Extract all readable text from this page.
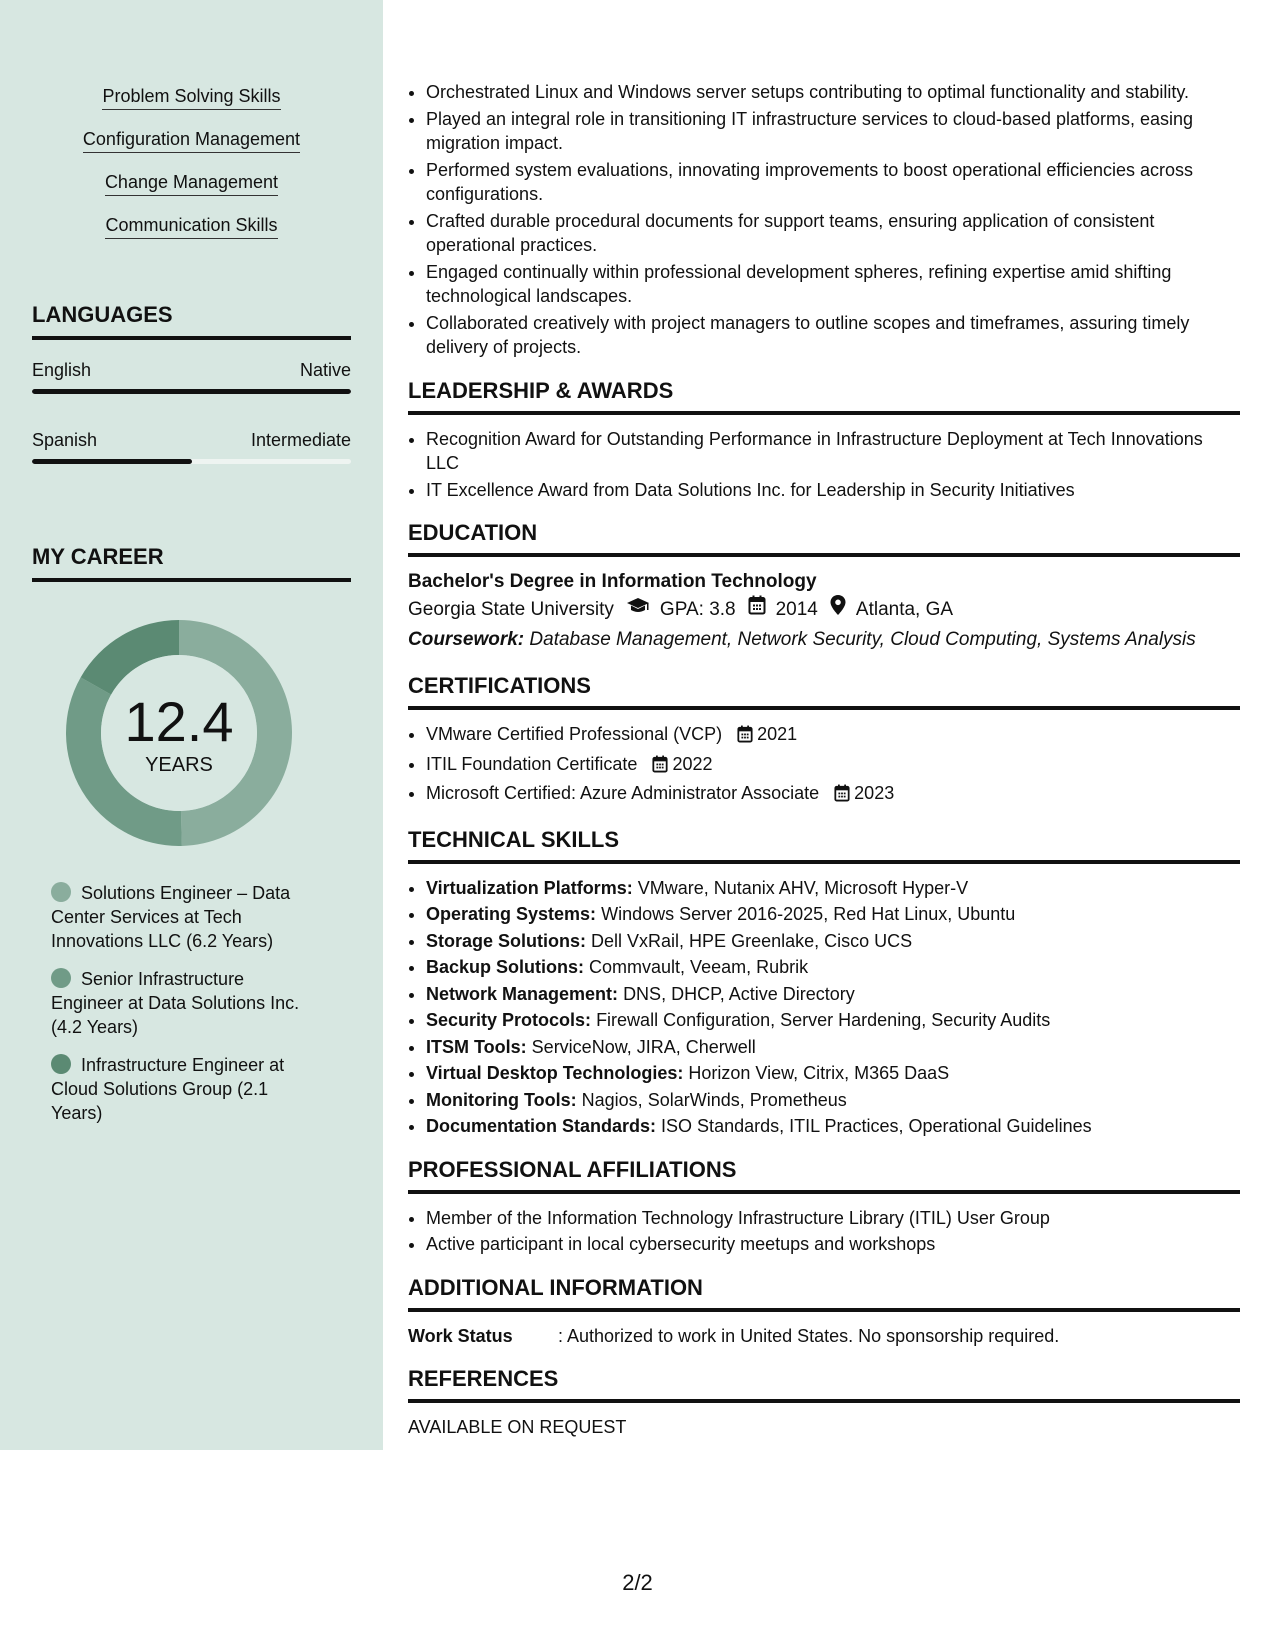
Problem Solving Skills
Configuration Management
Change Management
Communication Skills
LANGUAGES
English	Native
Spanish	Intermediate
MY CAREER
12.4
YEARS
Solutions Engineer – Data Center Services at Tech Innovations LLC (6.2 Years)
Senior Infrastructure Engineer at Data Solutions Inc. (4.2 Years)
Infrastructure Engineer at Cloud Solutions Group (2.1 Years)
• Orchestrated Linux and Windows server setups contributing to optimal functionality and stability.
• Played an integral role in transitioning IT infrastructure services to cloud-based platforms, easing migration impact.
• Performed system evaluations, innovating improvements to boost operational efficiencies across configurations.
• Crafted durable procedural documents for support teams, ensuring application of consistent operational practices.
• Engaged continually within professional development spheres, refining expertise amid shifting technological landscapes.
• Collaborated creatively with project managers to outline scopes and timeframes, assuring timely delivery of projects.
LEADERSHIP & AWARDS
• Recognition Award for Outstanding Performance in Infrastructure Deployment at Tech Innovations LLC
• IT Excellence Award from Data Solutions Inc. for Leadership in Security Initiatives
EDUCATION
Bachelor's Degree in Information Technology
Georgia State University GPA: 3.8 2014 Atlanta, GA
Coursework: Database Management, Network Security, Cloud Computing, Systems Analysis
CERTIFICATIONS
• VMware Certified Professional (VCP) 2021
• ITIL Foundation Certificate 2022
• Microsoft Certified: Azure Administrator Associate 2023
TECHNICAL SKILLS
• Virtualization Platforms: VMware, Nutanix AHV, Microsoft Hyper-V
• Operating Systems: Windows Server 2016-2025, Red Hat Linux, Ubuntu
• Storage Solutions: Dell VxRail, HPE Greenlake, Cisco UCS
• Backup Solutions: Commvault, Veeam, Rubrik
• Network Management: DNS, DHCP, Active Directory
• Security Protocols: Firewall Configuration, Server Hardening, Security Audits
• ITSM Tools: ServiceNow, JIRA, Cherwell
• Virtual Desktop Technologies: Horizon View, Citrix, M365 DaaS
• Monitoring Tools: Nagios, SolarWinds, Prometheus
• Documentation Standards: ISO Standards, ITIL Practices, Operational Guidelines
PROFESSIONAL AFFILIATIONS
• Member of the Information Technology Infrastructure Library (ITIL) User Group
• Active participant in local cybersecurity meetups and workshops
ADDITIONAL INFORMATION
Work Status	: Authorized to work in United States. No sponsorship required.
REFERENCES
AVAILABLE ON REQUEST
2/2
